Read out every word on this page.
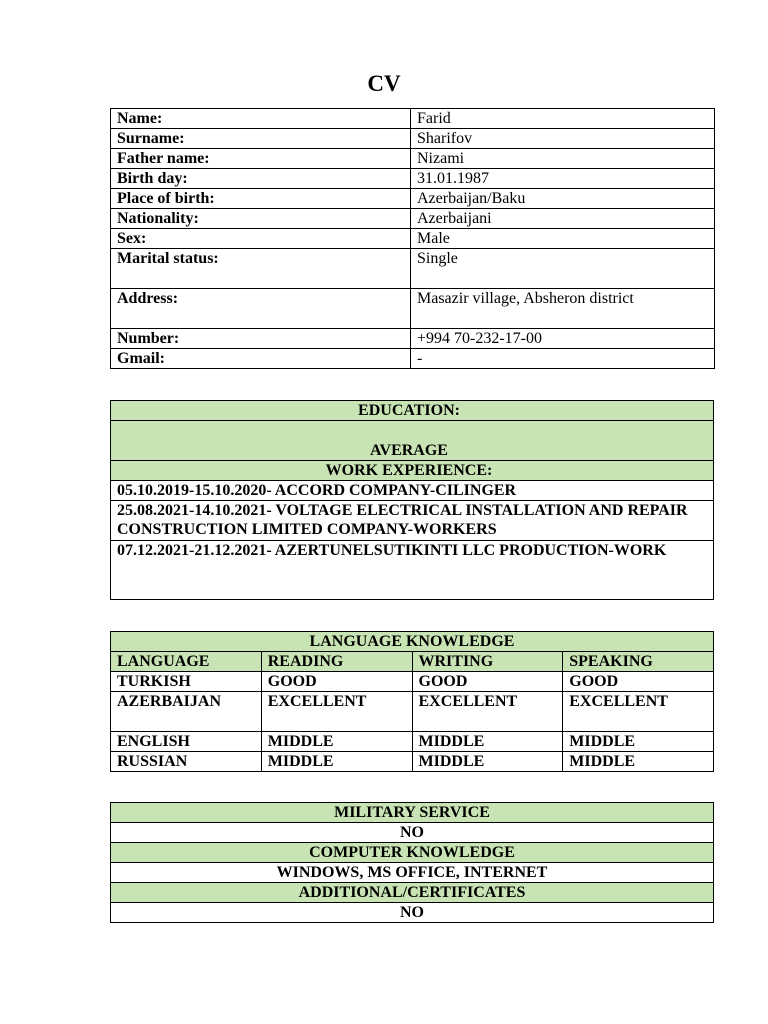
CV
Name:	Farid
Surname:	Sharifov
Father name:	Nizami
Birth day:	31.01.1987
Place of birth:	Azerbaijan/Baku
Nationality:	Azerbaijani
Sex:	Male
Marital status:	Single
Address:	Masazir village, Absheron district
Number:	+994 70-232-17-00
Gmail:	-
EDUCATION:
AVERAGE
WORK EXPERIENCE:
05.10.2019-15.10.2020- ACCORD COMPANY-CILINGER
25.08.2021-14.10.2021- VOLTAGE ELECTRICAL INSTALLATION AND REPAIR CONSTRUCTION LIMITED COMPANY-WORKERS
07.12.2021-21.12.2021- AZERTUNELSUTIKINTI LLC PRODUCTION-WORK
LANGUAGE KNOWLEDGE			
LANGUAGE	READING	WRITING	SPEAKING
TURKISH	GOOD	GOOD	GOOD
AZERBAIJAN	EXCELLENT	EXCELLENT	EXCELLENT
ENGLISH	MIDDLE	MIDDLE	MIDDLE
RUSSIAN	MIDDLE	MIDDLE	MIDDLE
MILITARY SERVICE
NO
COMPUTER KNOWLEDGE
WINDOWS, MS OFFICE, INTERNET
ADDITIONAL/CERTIFICATES
NO
